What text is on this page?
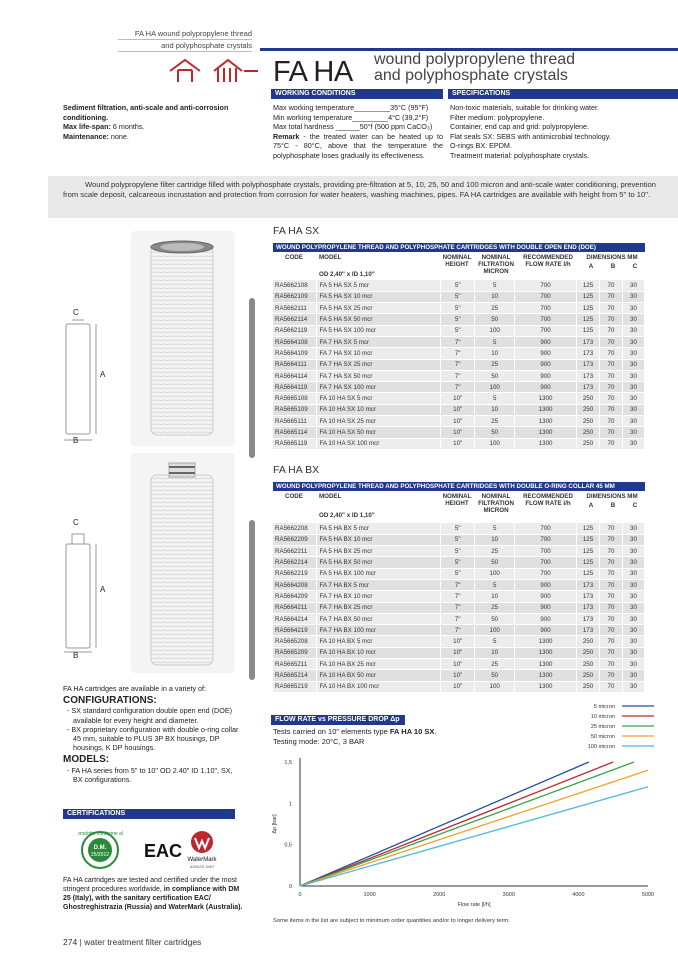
FA HA wound polypropylene thread
and polyphosphate crystals
FA HA wound polypropylene thread
and polyphosphate crystals
WORKING CONDITIONS	SPECIFICATIONS
Sediment filtration, anti-scale and anti-corrosion conditioning.
Max life-span: 6 months.
Maintenance: none.
Max working temperature_________35°C (95°F)
Min working temperature_________4°C (39,2°F)
Max total hardness ______50°f (500 ppm CaCO₃)
Remark - the treated water can be heated up to 75°C - 80°C, above that the temperature the polyphosphate loses gradually its effectiveness.
Non-toxic materials, suitable for drinking water.
Filter medium: polypropylene.
Container, end cap and grid: polypropylene.
Flat seals SX: SEBS with antimicrobial technology.
O-rings BX: EPDM.
Treatment material: polyphosphate crystals.
Wound polypropylene filter cartridge filled with polyphosphate crystals, providing pre-filtration at 5, 10, 25, 50 and 100 micron and anti-scale water conditioning, prevention from scale deposit, calcareous incrustation and protection from corrosion for water heaters, washing machines, pipes. FA HA cartridges are available with height from 5" to 10".
C
A
B
C
A
B
FA HA SX
WOUND POLYPROPYLENE THREAD AND POLYPHOSPHATE CARTRIDGES WITH DOUBLE OPEN END (DOE)
CODE	MODEL
OD 2,40" x ID 1,10"
NOMINAL HEIGHT
NOMINAL FILTRATION MICRON
RECOMMENDED FLOW RATE l/h
DIMENSIONS MM
A	B	C
RA5662108	FA 5 HA SX 5 mcr	5"	5	700	125	70	30
RA5662109	FA 5 HA SX 10 mcr	5"	10	700	125	70	30
RA5662111	FA 5 HA SX 25 mcr	5"	25	700	125	70	30
RA5662114	FA 5 HA SX 50 mcr	5"	50	700	125	70	30
RA5662119	FA 5 HA SX 100 mcr	5"	100	700	125	70	30
RA5664108	FA 7 HA SX 5 mcr	7"	5	900	173	70	30
RA5664109	FA 7 HA SX 10 mcr	7"	10	900	173	70	30
RA5664111	FA 7 HA SX 25 mcr	7"	25	900	173	70	30
RA5664114	FA 7 HA SX 50 mcr	7"	50	900	173	70	30
RA5664119	FA 7 HA SX 100 mcr	7"	100	900	173	70	30
RA5665108	FA 10 HA SX 5 mcr	10"	5	1300	250	70	30
RA5665109	FA 10 HA SX 10 mcr	10"	10	1300	250	70	30
RA5665111	FA 10 HA SX 25 mcr	10"	25	1300	250	70	30
RA5665114	FA 10 HA SX 50 mcr	10"	50	1300	250	70	30
RA5665119	FA 10 HA SX 100 mcr	10"	100	1300	250	70	30
FA HA BX
WOUND POLYPROPYLENE THREAD AND POLYPHOSPHATE CARTRIDGES WITH DOUBLE O-RING COLLAR 45 MM
CODE	MODEL
OD 2,40" x ID 1,10"
NOMINAL HEIGHT
NOMINAL FILTRATION MICRON
RECOMMENDED FLOW RATE l/h
DIMENSIONS MM
A	B	C
RA5662208	FA 5 HA BX 5 mcr	5"	5	700	125	70	30
RA5662209	FA 5 HA BX 10 mcr	5"	10	700	125	70	30
RA5662211	FA 5 HA BX 25 mcr	5"	25	700	125	70	30
RA5662214	FA 5 HA BX 50 mcr	5"	50	700	125	70	30
RA5662219	FA 5 HA BX 100 mcr	5"	100	700	125	70	30
RA5664208	FA 7 HA BX 5 mcr	7"	5	900	173	70	30
RA5664209	FA 7 HA BX 10 mcr	7"	10	900	173	70	30
RA5664211	FA 7 HA BX 25 mcr	7"	25	900	173	70	30
RA5664214	FA 7 HA BX 50 mcr	7"	50	900	173	70	30
RA5664219	FA 7 HA BX 100 mcr	7"	100	900	173	70	30
RA5665208	FA 10 HA BX 5 mcr	10"	5	1300	250	70	30
RA5665209	FA 10 HA BX 10 mcr	10"	10	1300	250	70	30
RA5665211	FA 10 HA BX 25 mcr	10"	25	1300	250	70	30
RA5665214	FA 10 HA BX 50 mcr	10"	50	1300	250	70	30
RA5665219	FA 10 HA BX 100 mcr	10"	100	1300	250	70	30
FA HA cartridges are available in a variety of:
CONFIGURATIONS:
- SX standard configuration double open end (DOE) available for every height and diameter.
- BX proprietary configuration with double o-ring collar 45 mm, suitable to PLUS 3P BX housings, DP housings, K DP housings.
MODELS:
- FA HA series from 5" to 10" OD 2.40" ID 1.10", SX, BX configurations.
CERTIFICATIONS
prodotto conforme al
D.M.
25/2012 EAC WaterMark
AS/NZS 3497
FA HA cartridges are tested and certified under the most stringent procedures worldwide, in compliance with DM 25 (Italy), with the sanitary certification EAC/ Ghostreghistrazia (Russia) and WaterMark (Australia).
FLOW RATE vs PRESSURE DROP Δp
Tests carried on 10" elements type FA HA 10 SX.
Testing mode: 20°C, 3 BAR
0	1000	2000	3000	4000	5000
0
0,5
1
1,5
Flow rate [l/h]
Δp [bar]
5 micron
10 micron
25 micron
50 micron
100 micron
Some items in the list are subject to minimum order quantities and/or to longer delivery term.
274 | water treatment filter cartridges
